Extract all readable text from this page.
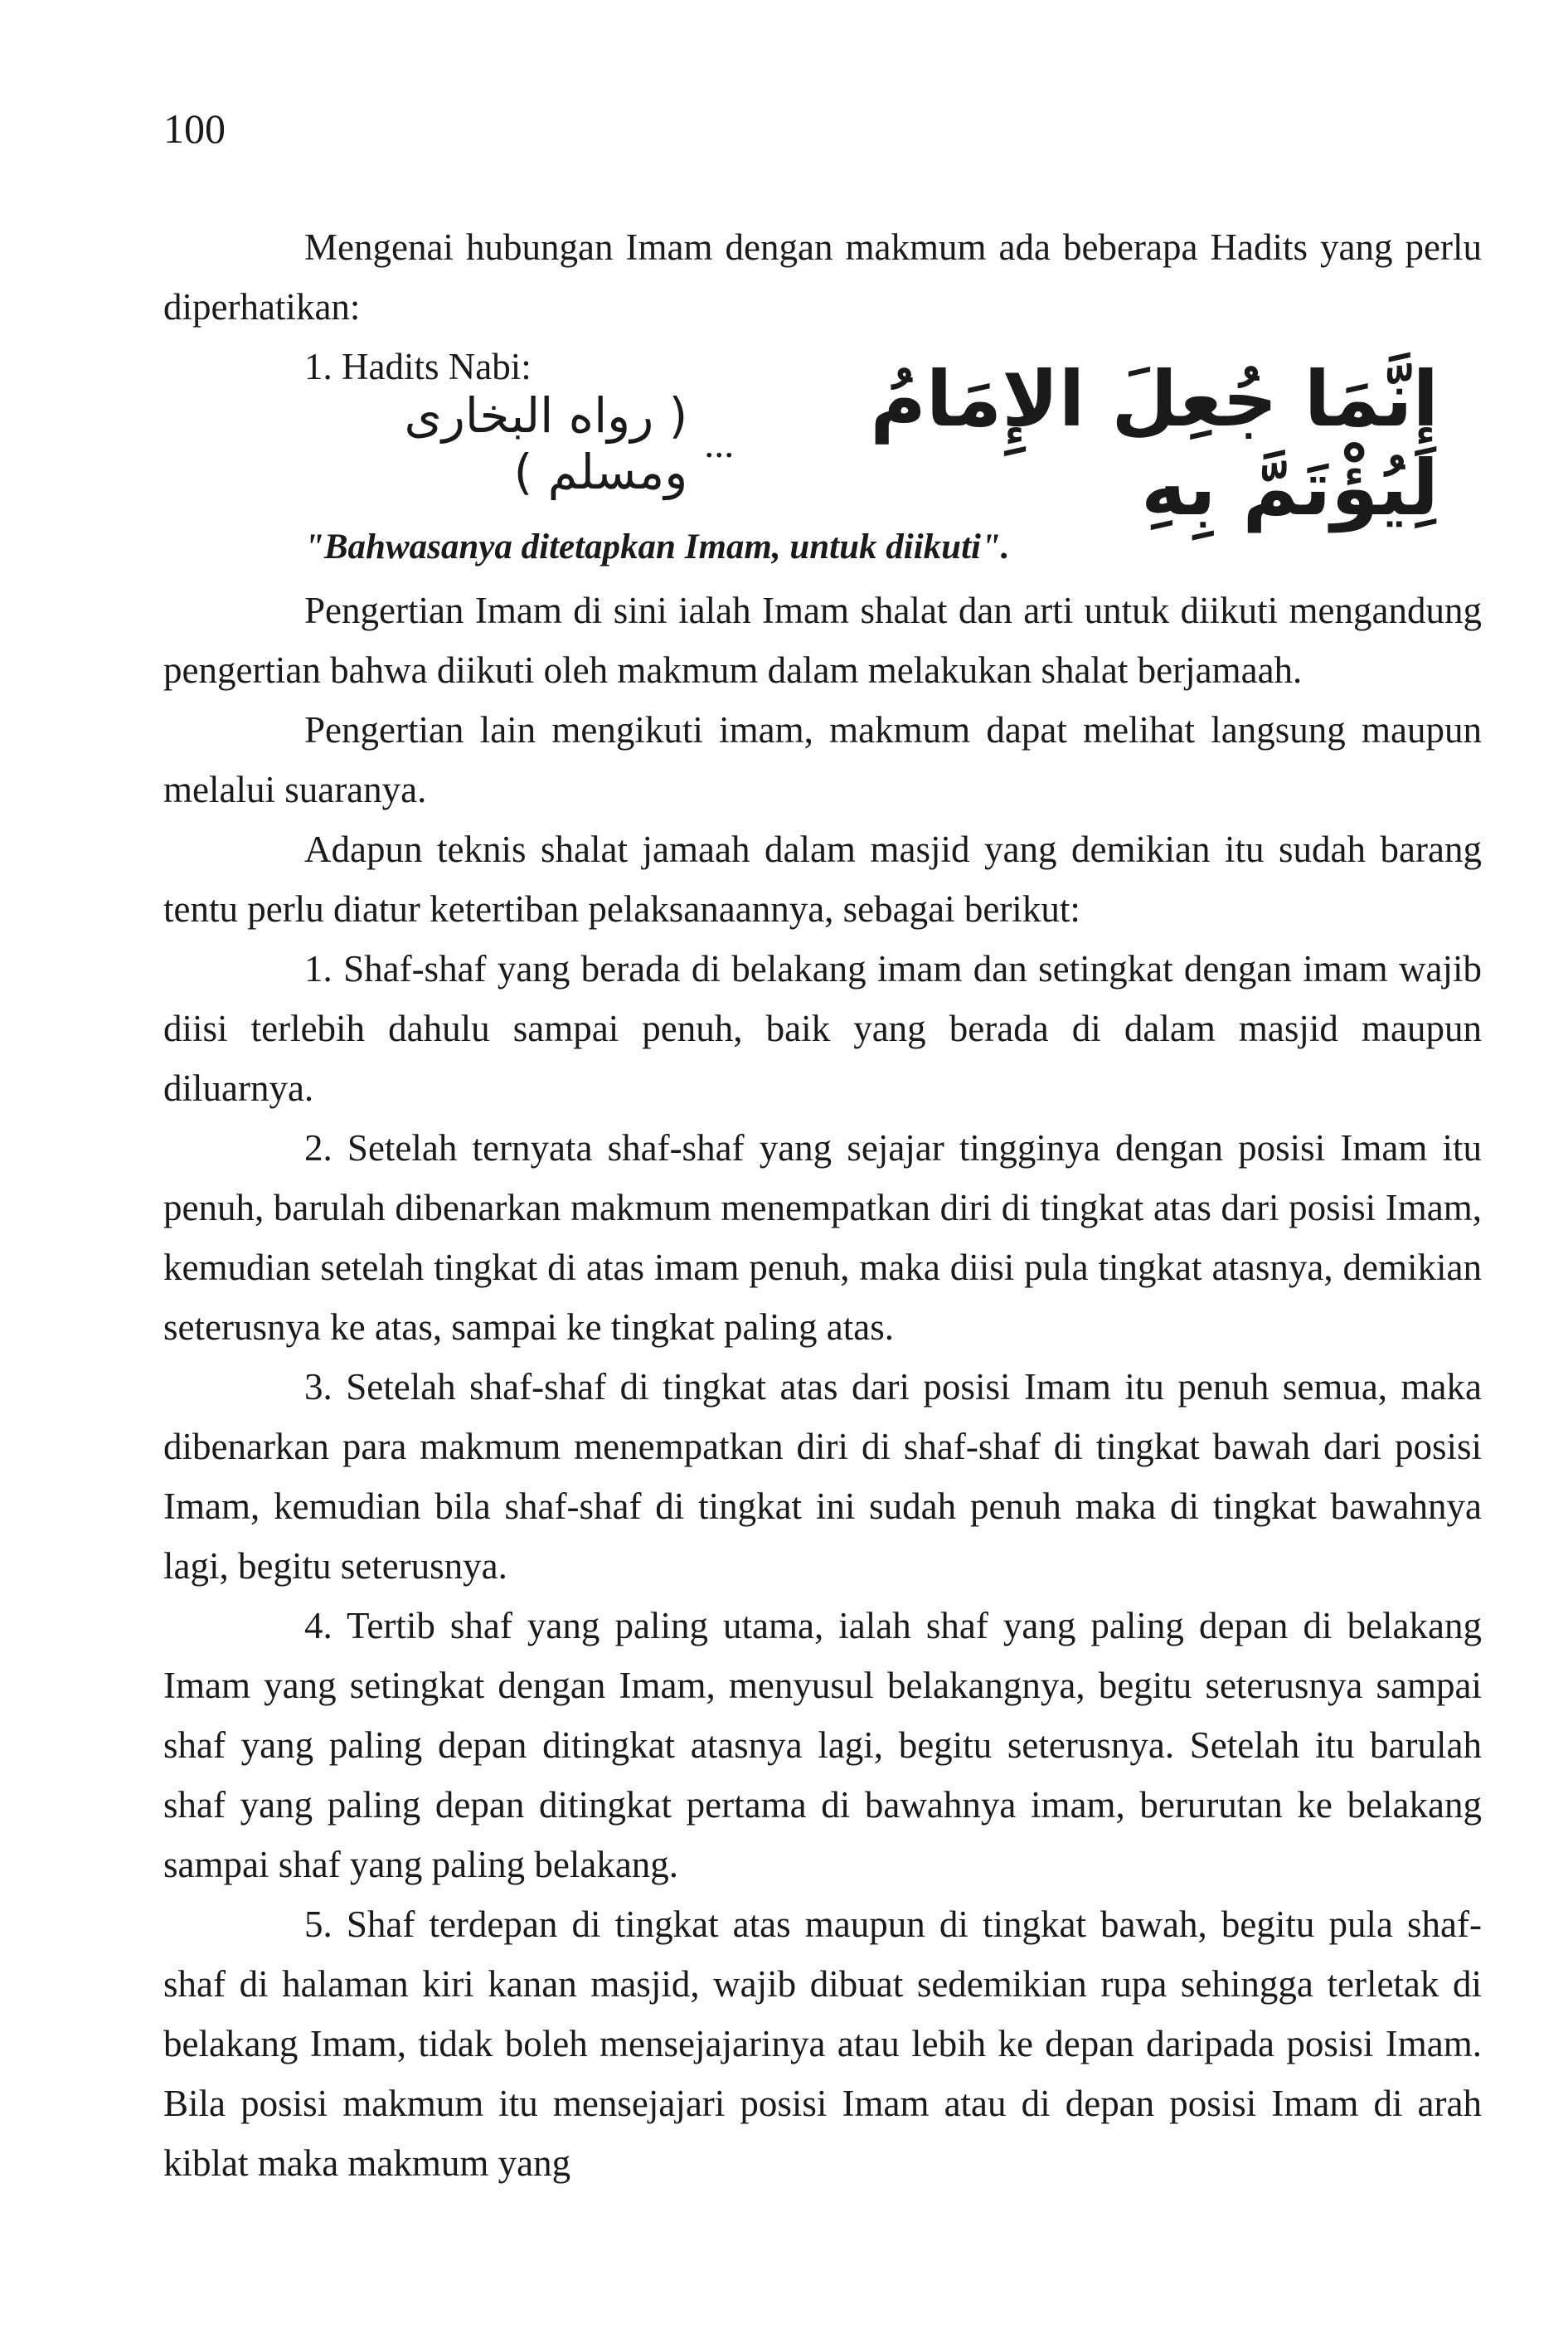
100

Mengenai hubungan Imam dengan makmum ada beberapa Hadits yang perlu diperhatikan:

1. Hadits Nabi:

( رواه البخارى ومسلم ) ...	إِنَّمَا جُعِلَ الإِمَامُ لِيُؤْتَمَّ بِهِ
"Bahwasanya ditetapkan Imam, untuk diikuti".

Pengertian Imam di sini ialah Imam shalat dan arti untuk diikuti mengandung pengertian bahwa diikuti oleh makmum dalam melakukan shalat berjamaah.

Pengertian lain mengikuti imam, makmum dapat melihat langsung maupun melalui suaranya.

Adapun teknis shalat jamaah dalam masjid yang demikian itu sudah barang tentu perlu diatur ketertiban pelaksanaannya, sebagai berikut:

1. Shaf-shaf yang berada di belakang imam dan setingkat dengan imam wajib diisi terlebih dahulu sampai penuh, baik yang berada di dalam masjid maupun diluarnya.

2. Setelah ternyata shaf-shaf yang sejajar tingginya dengan posisi Imam itu penuh, barulah dibenarkan makmum menempatkan diri di tingkat atas dari posisi Imam, kemudian setelah tingkat di atas imam penuh, maka diisi pula tingkat atasnya, demikian seterusnya ke atas, sampai ke tingkat paling atas.

3. Setelah shaf-shaf di tingkat atas dari posisi Imam itu penuh semua, maka dibenarkan para makmum menempatkan diri di shaf-shaf di tingkat bawah dari posisi Imam, kemudian bila shaf-shaf di tingkat ini sudah penuh maka di tingkat bawahnya lagi, begitu seterusnya.

4. Tertib shaf yang paling utama, ialah shaf yang paling depan di belakang Imam yang setingkat dengan Imam, menyusul belakangnya, begitu seterusnya sampai shaf yang paling depan ditingkat atasnya lagi, begitu seterusnya. Setelah itu barulah shaf yang paling depan ditingkat pertama di bawahnya imam, berurutan ke belakang sampai shaf yang paling belakang.

5. Shaf terdepan di tingkat atas maupun di tingkat bawah, begitu pula shaf-shaf di halaman kiri kanan masjid, wajib dibuat sedemikian rupa sehingga terletak di belakang Imam, tidak boleh mensejajarinya atau lebih ke depan daripada posisi Imam. Bila posisi makmum itu mensejajari posisi Imam atau di depan posisi Imam di arah kiblat maka makmum yang
